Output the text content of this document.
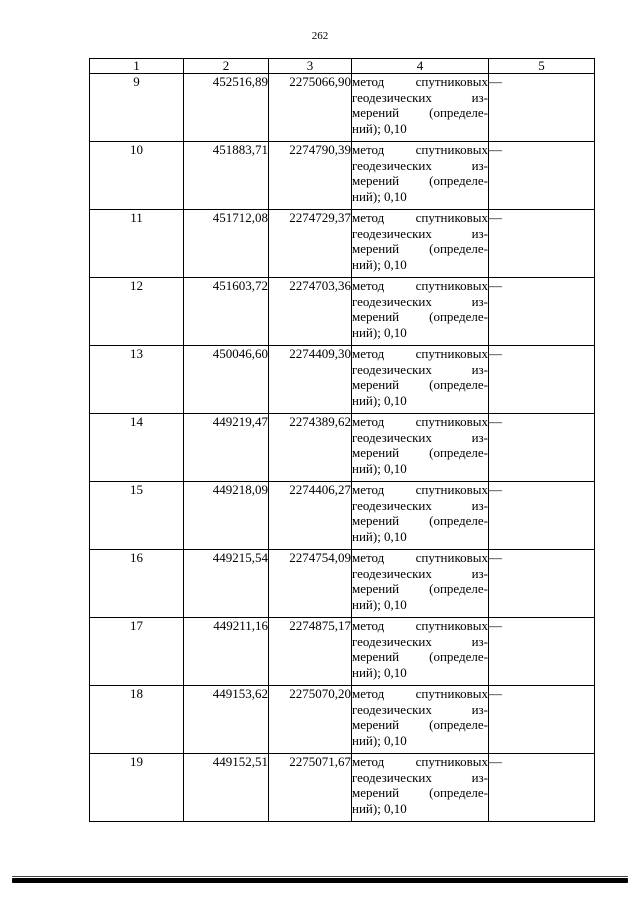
262
1	2	3	4	5
9	452516,89	2275066,90	метод спутниковых геодезических из-мерений (определе-ний); 0,10	—
10	451883,71	2274790,39	метод спутниковых геодезических из-мерений (определе-ний); 0,10	—
11	451712,08	2274729,37	метод спутниковых геодезических из-мерений (определе-ний); 0,10	—
12	451603,72	2274703,36	метод спутниковых геодезических из-мерений (определе-ний); 0,10	—
13	450046,60	2274409,30	метод спутниковых геодезических из-мерений (определе-ний); 0,10	—
14	449219,47	2274389,62	метод спутниковых геодезических из-мерений (определе-ний); 0,10	—
15	449218,09	2274406,27	метод спутниковых геодезических из-мерений (определе-ний); 0,10	—
16	449215,54	2274754,09	метод спутниковых геодезических из-мерений (определе-ний); 0,10	—
17	449211,16	2274875,17	метод спутниковых геодезических из-мерений (определе-ний); 0,10	—
18	449153,62	2275070,20	метод спутниковых геодезических из-мерений (определе-ний); 0,10	—
19	449152,51	2275071,67	метод спутниковых геодезических из-мерений (определе-ний); 0,10	—
